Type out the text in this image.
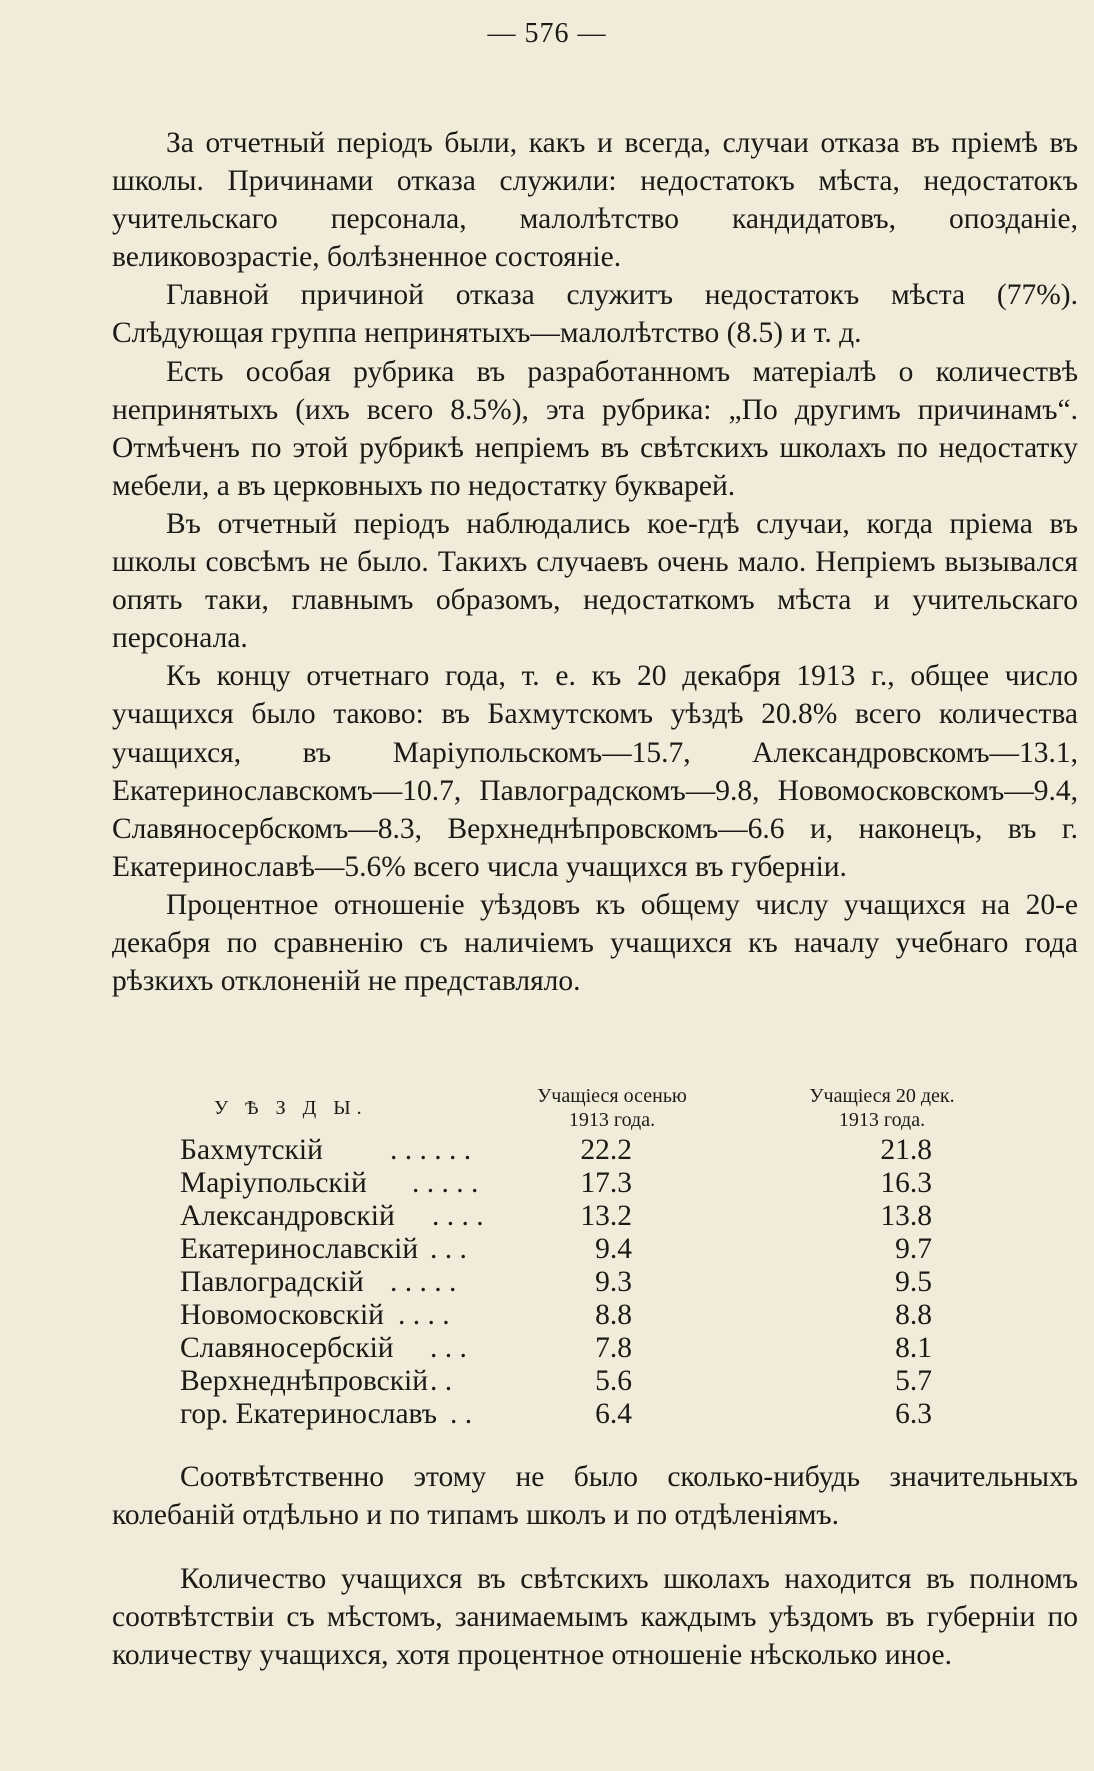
— 576 —

За отчетный періодъ были, какъ и всегда, случаи отказа въ пріемѣ въ школы. Причинами отказа служили: недостатокъ мѣста, недостатокъ учительскаго персонала, малолѣтство кандидатовъ, опозданіе, великовозрастіе, болѣзненное состояніе.

Главной причиной отказа служитъ недостатокъ мѣста (77%). Слѣдующая группа непринятыхъ—малолѣтство (8.5) и т. д.

Есть особая рубрика въ разработанномъ матеріалѣ о количествѣ непринятыхъ (ихъ всего 8.5%), эта рубрика: „По другимъ причинамъ“. Отмѣченъ по этой рубрикѣ непріемъ въ свѣтскихъ школахъ по недостатку мебели, а въ церковныхъ по недостатку букварей.

Въ отчетный періодъ наблюдались кое-гдѣ случаи, когда пріема въ школы совсѣмъ не было. Такихъ случаевъ очень мало. Непріемъ вызывался опять таки, главнымъ образомъ, недостаткомъ мѣста и учительскаго персонала.

Къ концу отчетнаго года, т. е. къ 20 декабря 1913 г., общее число учащихся было таково: въ Бахмутскомъ уѣздѣ 20.8% всего количества учащихся, въ Маріупольскомъ—15.7, Александровскомъ—13.1, Екатеринославскомъ—10.7, Павлоградскомъ—9.8, Новомосковскомъ—9.4, Славяносербскомъ—8.3, Верхнеднѣпровскомъ—6.6 и, наконецъ, въ г. Екатеринославѣ—5.6% всего числа учащихся въ губерніи.

Процентное отношеніе уѣздовъ къ общему числу учащихся на 20-е декабря по сравненію съ наличіемъ учащихся къ началу учебнаго года рѣзкихъ отклоненій не представляло.

У Ѣ З Д Ы.
Учащіеся осенью
1913 года.
Учащіеся 20 дек.
1913 года.
Бахмутскій . . . . . .	22.2	21.8
Маріупольскій . . . . .	17.3	16.3
Александровскій . . . .	13.2	13.8
Екатеринославскій . . .	9.4	9.7
Павлоградскій . . . . .	9.3	9.5
Новомосковскій . . . .	8.8	8.8
Славяносербскій . . .	7.8	8.1
Верхнеднѣпровскій . .	5.6	5.7
гор. Екатеринославъ . .	6.4	6.3

Соотвѣтственно этому не было сколько-нибудь значительныхъ колебаній отдѣльно и по типамъ школъ и по отдѣленіямъ.

Количество учащихся въ свѣтскихъ школахъ находится въ полномъ соотвѣтствіи съ мѣстомъ, занимаемымъ каждымъ уѣздомъ въ губерніи по количеству учащихся, хотя процентное отношеніе нѣсколько иное.
